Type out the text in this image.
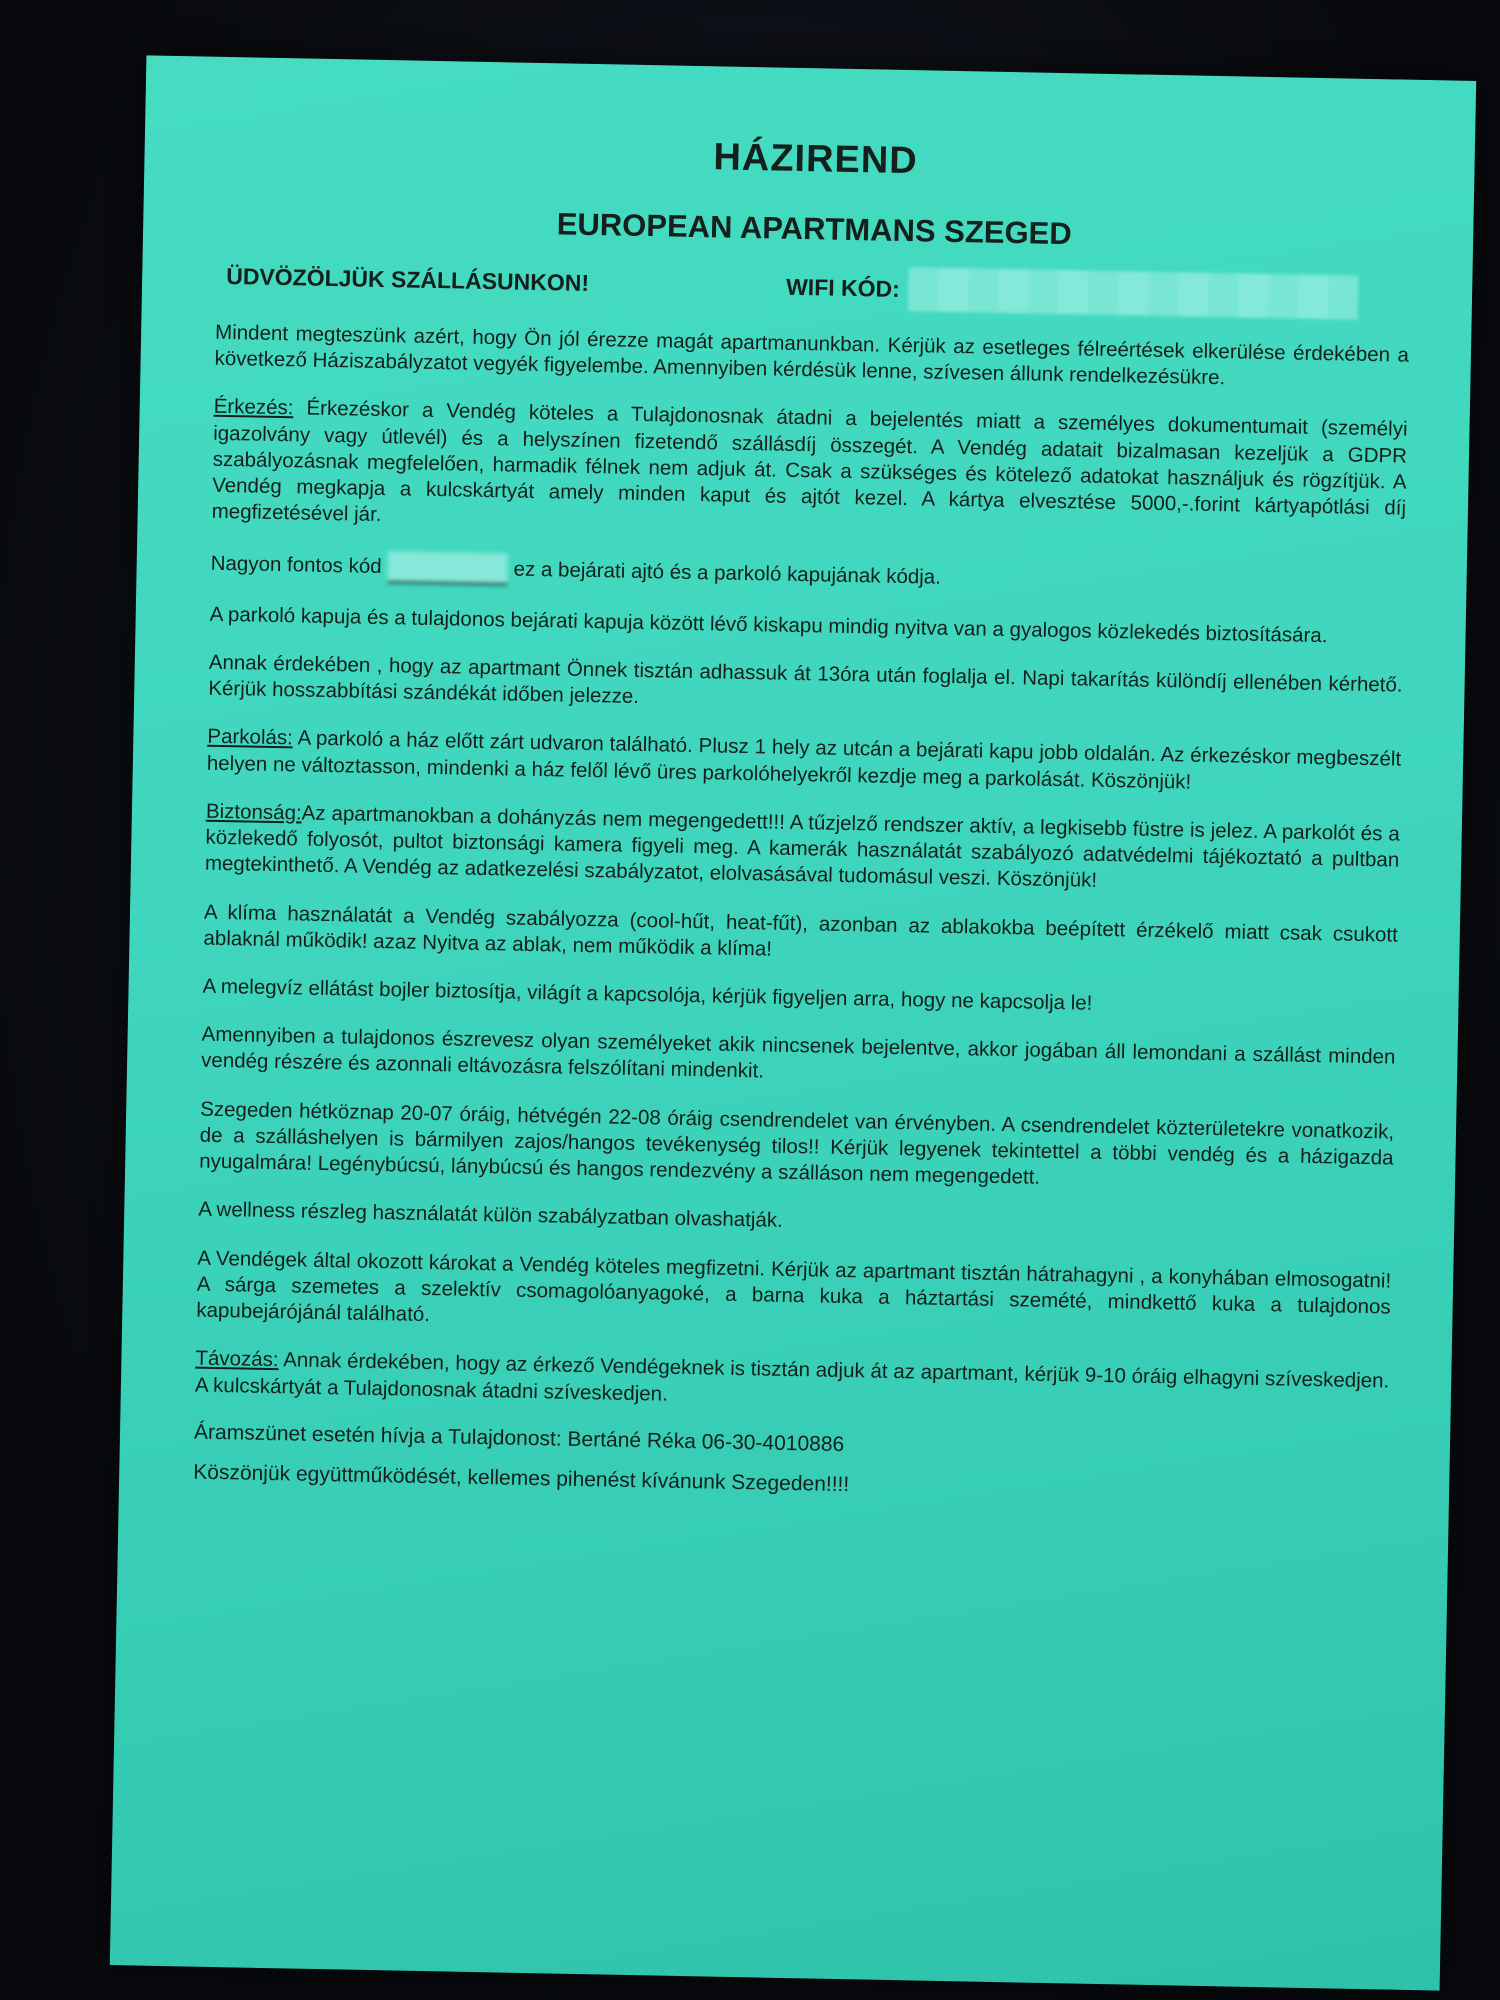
HÁZIREND
EUROPEAN APARTMANS SZEGED
ÜDVÖZÖLJÜK SZÁLLÁSUNKON!	WIFI KÓD:

Mindent megteszünk azért, hogy Ön jól érezze magát apartmanunkban. Kérjük az esetleges félreértések elkerülése érdekében a következő Háziszabályzatot vegyék figyelembe. Amennyiben kérdésük lenne, szívesen állunk rendelkezésükre.

Érkezés: Érkezéskor a Vendég köteles a Tulajdonosnak átadni a bejelentés miatt a személyes dokumentumait (személyi igazolvány vagy útlevél) és a helyszínen fizetendő szállásdíj összegét. A Vendég adatait bizalmasan kezeljük a GDPR szabályozásnak megfelelően, harmadik félnek nem adjuk át. Csak a szükséges és kötelező adatokat használjuk és rögzítjük. A Vendég megkapja a kulcskártyát amely minden kaput és ajtót kezel. A kártya elvesztése 5000,-.forint kártyapótlási díj megfizetésével jár.

Nagyon fontos kód	ez a bejárati ajtó és a parkoló kapujának kódja.

A parkoló kapuja és a tulajdonos bejárati kapuja között lévő kiskapu mindig nyitva van a gyalogos közlekedés biztosítására.

Annak érdekében , hogy az apartmant Önnek tisztán adhassuk át 13óra után foglalja el. Napi takarítás különdíj ellenében kérhető. Kérjük hosszabbítási szándékát időben jelezze.

Parkolás: A parkoló a ház előtt zárt udvaron található. Plusz 1 hely az utcán a bejárati kapu jobb oldalán. Az érkezéskor megbeszélt helyen ne változtasson, mindenki a ház felől lévő üres parkolóhelyekről kezdje meg a parkolását. Köszönjük!

Biztonság:Az apartmanokban a dohányzás nem megengedett!!! A tűzjelző rendszer aktív, a legkisebb füstre is jelez. A parkolót és a közlekedő folyosót, pultot biztonsági kamera figyeli meg. A kamerák használatát szabályozó adatvédelmi tájékoztató a pultban megtekinthető. A Vendég az adatkezelési szabályzatot, elolvasásával tudomásul veszi. Köszönjük!

A klíma használatát a Vendég szabályozza (cool-hűt, heat-fűt), azonban az ablakokba beépített érzékelő miatt csak csukott ablaknál működik! azaz Nyitva az ablak, nem működik a klíma!

A melegvíz ellátást bojler biztosítja, világít a kapcsolója, kérjük figyeljen arra, hogy ne kapcsolja le!

Amennyiben a tulajdonos észrevesz olyan személyeket akik nincsenek bejelentve, akkor jogában áll lemondani a szállást minden vendég részére és azonnali eltávozásra felszólítani mindenkit.

Szegeden hétköznap 20-07 óráig, hétvégén 22-08 óráig csendrendelet van érvényben. A csendrendelet közterületekre vonatkozik, de a szálláshelyen is bármilyen zajos/hangos tevékenység tilos!! Kérjük legyenek tekintettel a többi vendég és a házigazda nyugalmára! Legénybúcsú, lánybúcsú és hangos rendezvény a szálláson nem megengedett.

A wellness részleg használatát külön szabályzatban olvashatják.

A Vendégek által okozott károkat a Vendég köteles megfizetni. Kérjük az apartmant tisztán hátrahagyni , a konyhában elmosogatni! A sárga szemetes a szelektív csomagolóanyagoké, a barna kuka a háztartási szemété, mindkettő kuka a tulajdonos kapubejárójánál található.

Távozás: Annak érdekében, hogy az érkező Vendégeknek is tisztán adjuk át az apartmant, kérjük 9-10 óráig elhagyni szíveskedjen. A kulcskártyát a Tulajdonosnak átadni szíveskedjen.

Áramszünet esetén hívja a Tulajdonost: Bertáné Réka 06-30-4010886

Köszönjük együttműködését, kellemes pihenést kívánunk Szegeden!!!!
